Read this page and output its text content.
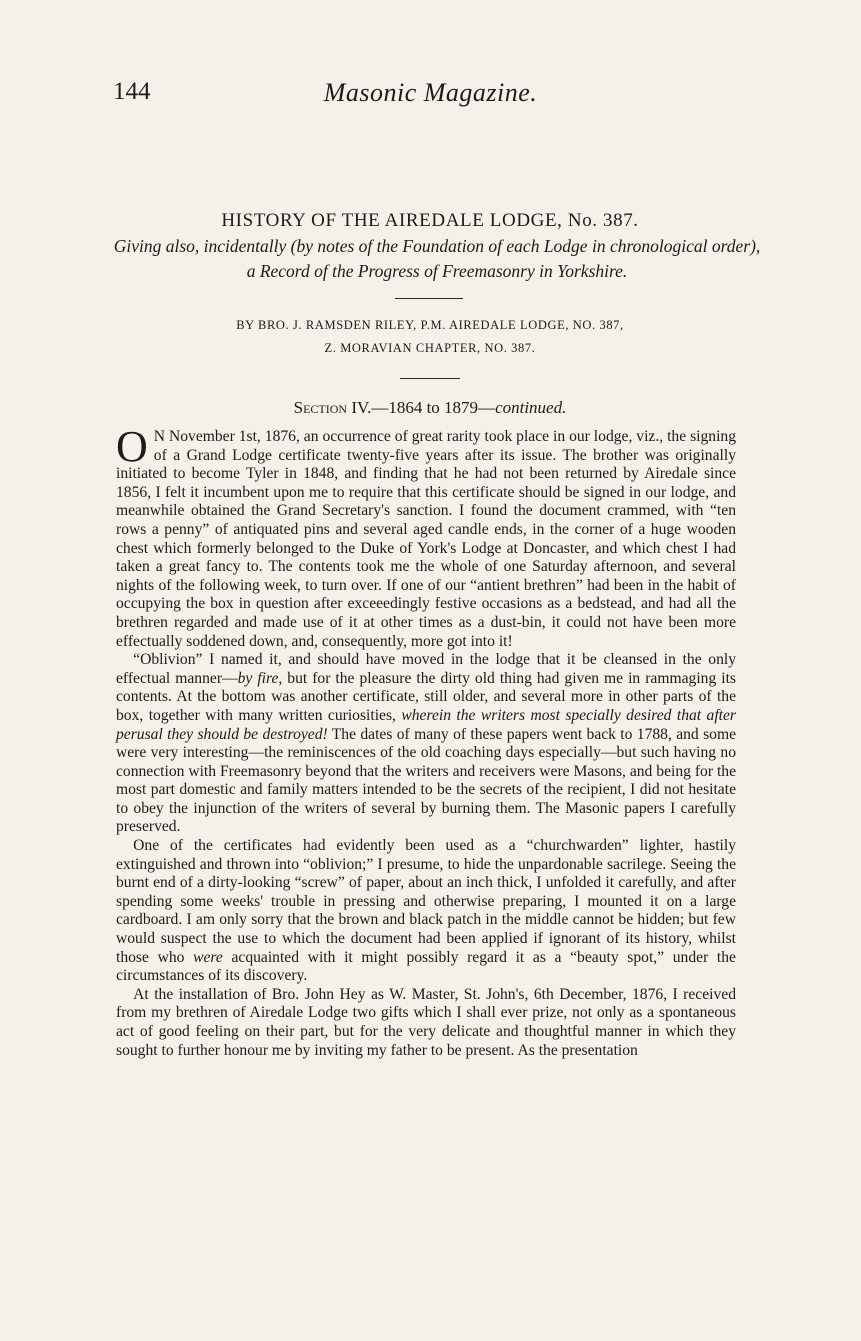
144	Masonic Magazine.
HISTORY OF THE AIREDALE LODGE, No. 387.
Giving also, incidentally (by notes of the Foundation of each Lodge in chronological order), a Record of the Progress of Freemasonry in Yorkshire.
BY BRO. J. RAMSDEN RILEY, P.M. AIREDALE LODGE, NO. 387,
Z. MORAVIAN CHAPTER, NO. 387.
Section IV.—1864 to 1879—continued.

O N November 1st, 1876, an occurrence of great rarity took place in our lodge, viz., the signing of a Grand Lodge certificate twenty-five years after its issue. The brother was originally initiated to become Tyler in 1848, and finding that he had not been returned by Airedale since 1856, I felt it incumbent upon me to require that this certificate should be signed in our lodge, and meanwhile obtained the Grand Secretary's sanction. I found the document crammed, with “ten rows a penny” of antiquated pins and several aged candle ends, in the corner of a huge wooden chest which formerly belonged to the Duke of York's Lodge at Doncaster, and which chest I had taken a great fancy to. The contents took me the whole of one Saturday afternoon, and several nights of the following week, to turn over. If one of our “antient brethren” had been in the habit of occupying the box in question after exceeedingly festive occasions as a bedstead, and had all the brethren regarded and made use of it at other times as a dust-bin, it could not have been more effectually soddened down, and, consequently, more got into it!

“Oblivion” I named it, and should have moved in the lodge that it be cleansed in the only effectual manner—by fire, but for the pleasure the dirty old thing had given me in rammaging its contents. At the bottom was another certificate, still older, and several more in other parts of the box, together with many written curiosities, wherein the writers most specially desired that after perusal they should be destroyed! The dates of many of these papers went back to 1788, and some were very interesting—the reminiscences of the old coaching days especially—but such having no connection with Freemasonry beyond that the writers and receivers were Masons, and being for the most part domestic and family matters intended to be the secrets of the recipient, I did not hesitate to obey the injunction of the writers of several by burning them. The Masonic papers I carefully preserved.

One of the certificates had evidently been used as a “churchwarden” lighter, hastily extinguished and thrown into “oblivion;” I presume, to hide the unpardonable sacrilege. Seeing the burnt end of a dirty-looking “screw” of paper, about an inch thick, I unfolded it carefully, and after spending some weeks' trouble in pressing and otherwise preparing, I mounted it on a large cardboard. I am only sorry that the brown and black patch in the middle cannot be hidden; but few would suspect the use to which the document had been applied if ignorant of its history, whilst those who were acquainted with it might possibly regard it as a “beauty spot,” under the circumstances of its discovery.

At the installation of Bro. John Hey as W. Master, St. John's, 6th December, 1876, I received from my brethren of Airedale Lodge two gifts which I shall ever prize, not only as a spontaneous act of good feeling on their part, but for the very delicate and thoughtful manner in which they sought to further honour me by inviting my father to be present. As the presentation
